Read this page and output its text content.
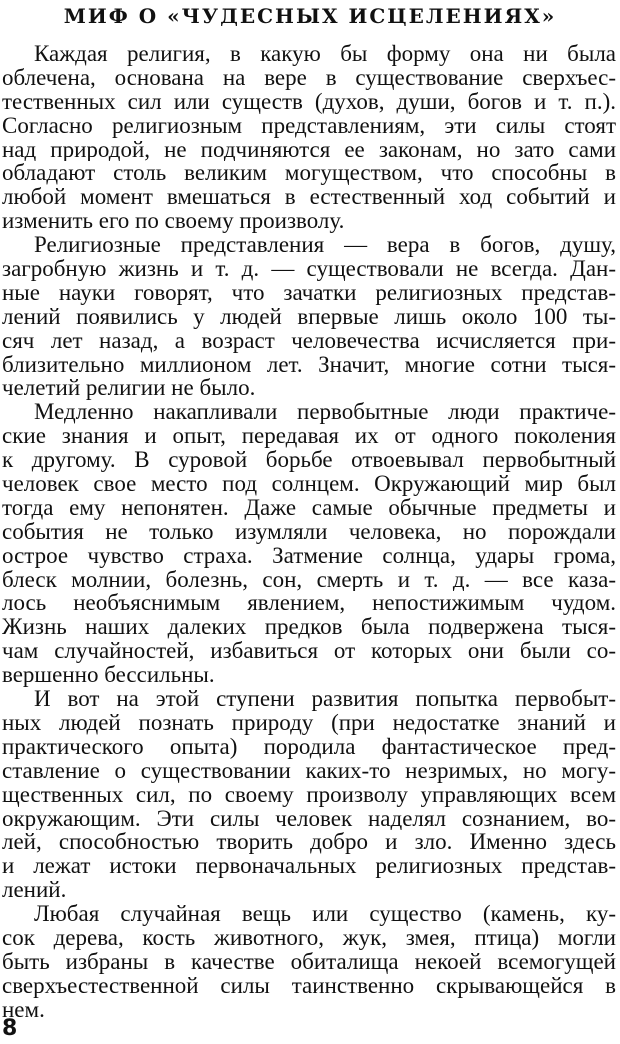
МИФ О «ЧУДЕСНЫХ ИСЦЕЛЕНИЯХ»
Каждая религия, в какую бы форму она ни была
облечена, основана на вере в существование сверхъес-
тественных сил или существ (духов, души, богов и т. п.).
Согласно религиозным представлениям, эти силы стоят
над природой, не подчиняются ее законам, но зато сами
обладают столь великим могуществом, что способны в
любой момент вмешаться в естественный ход событий и
изменить его по своему произволу.
Религиозные представления — вера в богов, душу,
загробную жизнь и т. д. — существовали не всегда. Дан-
ные науки говорят, что зачатки религиозных представ-
лений появились у людей впервые лишь около 100 ты-
сяч лет назад, а возраст человечества исчисляется при-
близительно миллионом лет. Значит, многие сотни тыся-
челетий религии не было.
Медленно накапливали первобытные люди практиче-
ские знания и опыт, передавая их от одного поколения
к другому. В суровой борьбе отвоевывал первобытный
человек свое место под солнцем. Окружающий мир был
тогда ему непонятен. Даже самые обычные предметы и
события не только изумляли человека, но порождали
острое чувство страха. Затмение солнца, удары грома,
блеск молнии, болезнь, сон, смерть и т. д. — все каза-
лось необъяснимым явлением, непостижимым чудом.
Жизнь наших далеких предков была подвержена тыся-
чам случайностей, избавиться от которых они были со-
вершенно бессильны.
И вот на этой ступени развития попытка первобыт-
ных людей познать природу (при недостатке знаний и
практического опыта) породила фантастическое пред-
ставление о существовании каких-то незримых, но могу-
щественных сил, по своему произволу управляющих всем
окружающим. Эти силы человек наделял сознанием, во-
лей, способностью творить добро и зло. Именно здесь
и лежат истоки первоначальных религиозных представ-
лений.
Любая случайная вещь или существо (камень, ку-
сок дерева, кость животного, жук, змея, птица) могли
быть избраны в качестве обиталища некоей всемогущей
сверхъестественной силы таинственно скрывающейся в
нем.
8
